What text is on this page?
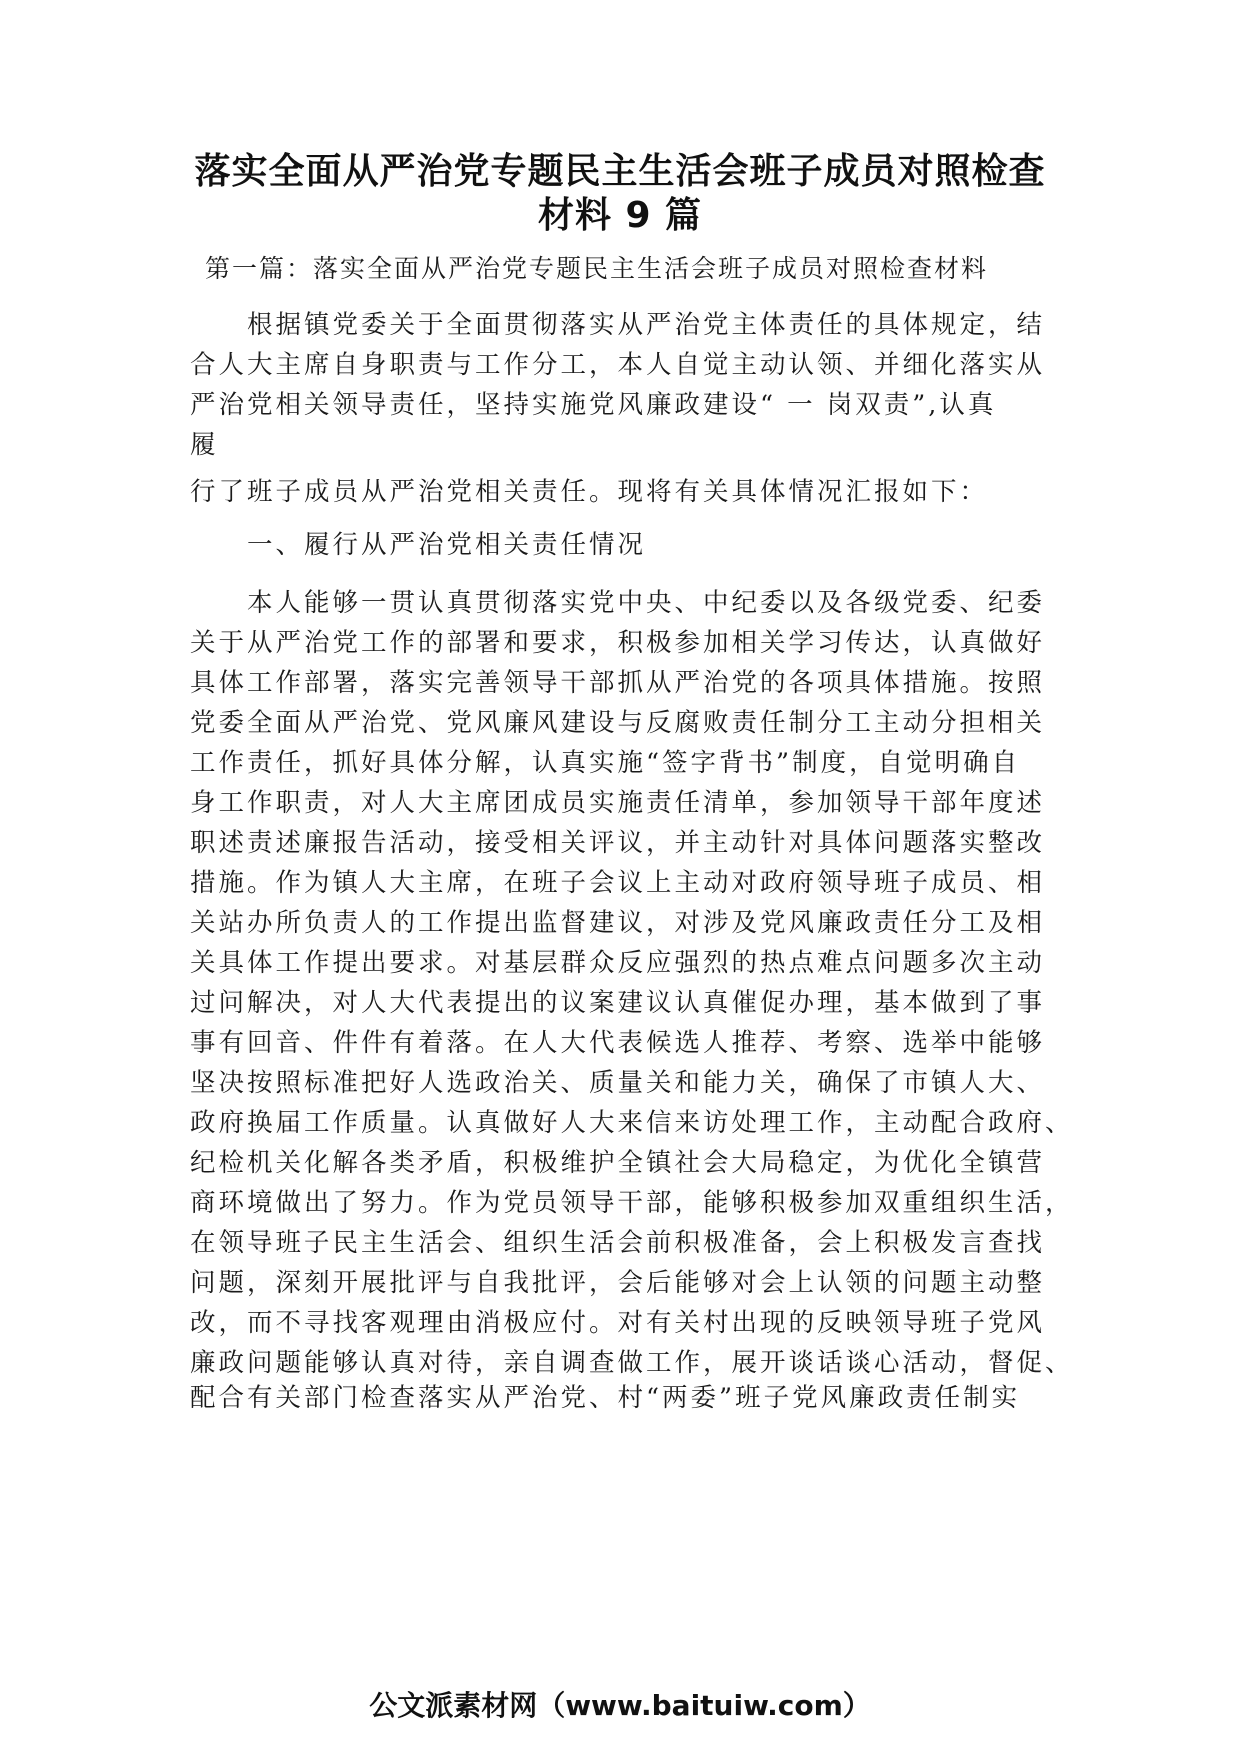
落实全面从严治党专题民主生活会班子成员对照检查
材料 9 篇
第一篇：落实全面从严治党专题民主生活会班子成员对照检查材料
　　根据镇党委关于全面贯彻落实从严治党主体责任的具体规定，结
合人大主席自身职责与工作分工，本人自觉主动认领、并细化落实从
严治党相关领导责任，坚持实施党风廉政建设“ 一 岗双责”,认真
履
行了班子成员从严治党相关责任。现将有关具体情况汇报如下：
　　一、履行从严治党相关责任情况
　　本人能够一贯认真贯彻落实党中央、中纪委以及各级党委、纪委
关于从严治党工作的部署和要求，积极参加相关学习传达，认真做好
具体工作部署，落实完善领导干部抓从严治党的各项具体措施。按照
党委全面从严治党、党风廉风建设与反腐败责任制分工主动分担相关
工作责任，抓好具体分解，认真实施“签字背书”制度，自觉明确自
身工作职责，对人大主席团成员实施责任清单，参加领导干部年度述
职述责述廉报告活动，接受相关评议，并主动针对具体问题落实整改
措施。作为镇人大主席，在班子会议上主动对政府领导班子成员、相
关站办所负责人的工作提出监督建议，对涉及党风廉政责任分工及相
关具体工作提出要求。对基层群众反应强烈的热点难点问题多次主动
过问解决，对人大代表提出的议案建议认真催促办理，基本做到了事
事有回音、件件有着落。在人大代表候选人推荐、考察、选举中能够
坚决按照标准把好人选政治关、质量关和能力关，确保了市镇人大、
政府换届工作质量。认真做好人大来信来访处理工作，主动配合政府、
纪检机关化解各类矛盾，积极维护全镇社会大局稳定，为优化全镇营
商环境做出了努力。作为党员领导干部，能够积极参加双重组织生活，
在领导班子民主生活会、组织生活会前积极准备，会上积极发言查找
问题，深刻开展批评与自我批评，会后能够对会上认领的问题主动整
改，而不寻找客观理由消极应付。对有关村出现的反映领导班子党风
廉政问题能够认真对待，亲自调查做工作，展开谈话谈心活动，督促、
配合有关部门检查落实从严治党、村“两委”班子党风廉政责任制实
公文派素材网（www.baituiw.com）
